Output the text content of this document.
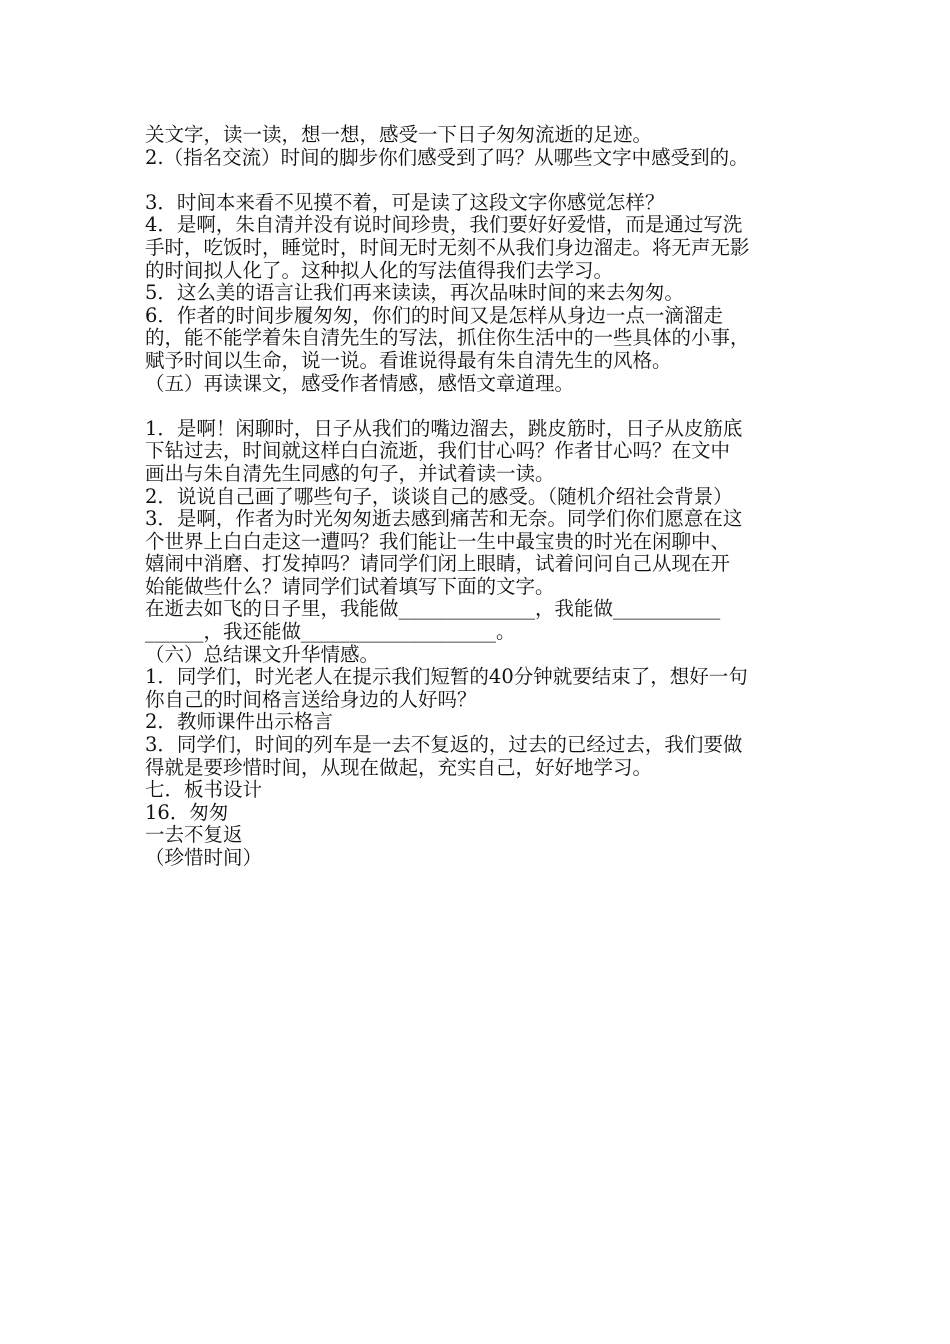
关文字，读一读，想一想，感受一下日子匆匆流逝的足迹。
2.（指名交流）时间的脚步你们感受到了吗？从哪些文字中感受到的。
3．时间本来看不见摸不着，可是读了这段文字你感觉怎样？
4．是啊，朱自清并没有说时间珍贵，我们要好好爱惜，而是通过写洗
手时，吃饭时，睡觉时，时间无时无刻不从我们身边溜走。将无声无影
的时间拟人化了。这种拟人化的写法值得我们去学习。
5．这么美的语言让我们再来读读，再次品味时间的来去匆匆。
6．作者的时间步履匆匆，你们的时间又是怎样从身边一点一滴溜走
的，能不能学着朱自清先生的写法，抓住你生活中的一些具体的小事，
赋予时间以生命，说一说。看谁说得最有朱自清先生的风格。
（五）再读课文，感受作者情感，感悟文章道理。
1．是啊！闲聊时，日子从我们的嘴边溜去，跳皮筋时，日子从皮筋底
下钻过去，时间就这样白白流逝，我们甘心吗？作者甘心吗？在文中
画出与朱自清先生同感的句子，并试着读一读。
2．说说自己画了哪些句子，谈谈自己的感受。（随机介绍社会背景）
3．是啊，作者为时光匆匆逝去感到痛苦和无奈。同学们你们愿意在这
个世界上白白走这一遭吗？我们能让一生中最宝贵的时光在闲聊中、
嬉闹中消磨、打发掉吗？请同学们闭上眼睛，试着问问自己从现在开
始能做些什么？请同学们试着填写下面的文字。
在逝去如飞的日子里，我能做______________，我能做___________
______，我还能做____________________。
（六）总结课文升华情感。
1．同学们，时光老人在提示我们短暂的40分钟就要结束了，想好一句
你自己的时间格言送给身边的人好吗？
2．教师课件出示格言
3．同学们，时间的列车是一去不复返的，过去的已经过去，我们要做
得就是要珍惜时间，从现在做起，充实自己，好好地学习。
七．板书设计
16．匆匆
一去不复返
（珍惜时间）
